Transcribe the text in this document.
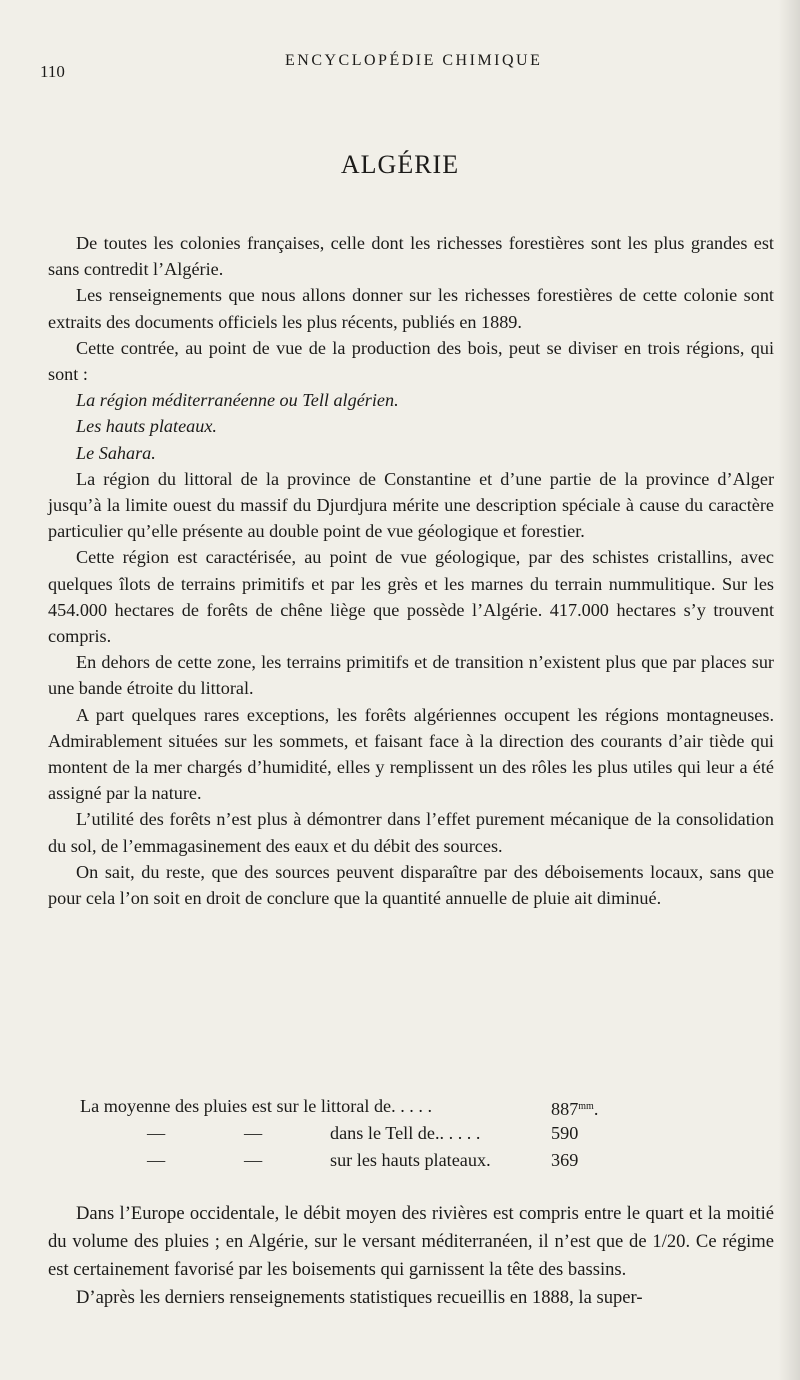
110
ENCYCLOPÉDIE CHIMIQUE
ALGÉRIE

De toutes les colonies françaises, celle dont les richesses forestières sont les plus grandes est sans contredit l’Algérie.

Les renseignements que nous allons donner sur les richesses forestières de cette colonie sont extraits des documents officiels les plus récents, publiés en 1889.

Cette contrée, au point de vue de la production des bois, peut se diviser en trois régions, qui sont :

La région méditerranéenne ou Tell algérien.

Les hauts plateaux.

Le Sahara.

La région du littoral de la province de Constantine et d’une partie de la province d’Alger jusqu’à la limite ouest du massif du Djurdjura mérite une description spéciale à cause du caractère particulier qu’elle présente au double point de vue géologique et forestier.

Cette région est caractérisée, au point de vue géologique, par des schistes cristallins, avec quelques îlots de terrains primitifs et par les grès et les marnes du terrain nummulitique. Sur les 454.000 hectares de forêts de chêne liège que possède l’Algérie. 417.000 hectares s’y trouvent compris.

En dehors de cette zone, les terrains primitifs et de transition n’existent plus que par places sur une bande étroite du littoral.

A part quelques rares exceptions, les forêts algériennes occupent les régions montagneuses. Admirablement situées sur les sommets, et faisant face à la direction des courants d’air tiède qui montent de la mer chargés d’humidité, elles y remplissent un des rôles les plus utiles qui leur a été assigné par la nature.

L’utilité des forêts n’est plus à démontrer dans l’effet purement mécanique de la consolidation du sol, de l’emmagasinement des eaux et du débit des sources.

On sait, du reste, que des sources peuvent disparaître par des déboisements locaux, sans que pour cela l’on soit en droit de conclure que la quantité annuelle de pluie ait diminué.

La moyenne des pluies est sur le littoral de. . . . .	$887^{mm}$.
—	—	dans le Tell de.. . . . .	590
—	—	sur les hauts plateaux.	369

Dans l’Europe occidentale, le débit moyen des rivières est compris entre le quart et la moitié du volume des pluies ; en Algérie, sur le versant méditerranéen, il n’est que de 1/20. Ce régime est certainement favorisé par les boisements qui garnissent la tête des bassins.

D’après les derniers renseignements statistiques recueillis en 1888, la super-
